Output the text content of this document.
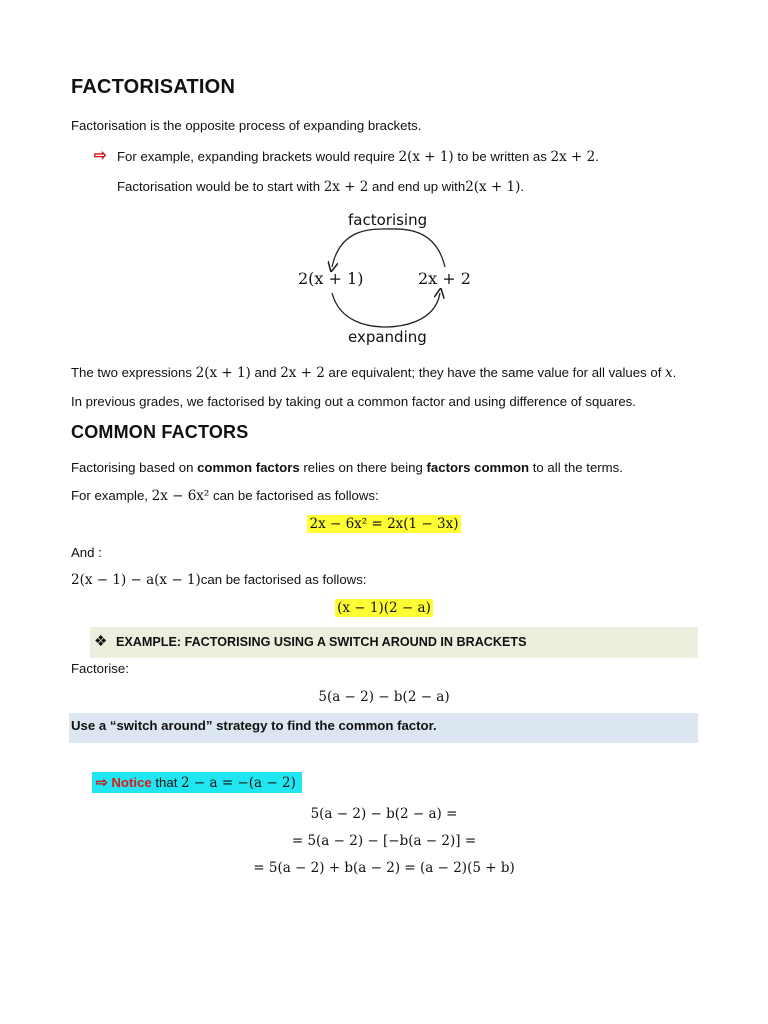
FACTORISATION
Factorisation is the opposite process of expanding brackets.
⇨ For example, expanding brackets would require 2(x + 1) to be written as 2x + 2.
Factorisation would be to start with 2x + 2 and end up with2(x + 1).
factorising
2(x + 1)	2x + 2
expanding
The two expressions 2(x + 1) and 2x + 2 are equivalent; they have the same value for all values of x.
In previous grades, we factorised by taking out a common factor and using difference of squares.
COMMON FACTORS
Factorising based on common factors relies on there being factors common to all the terms.
For example, 2x − 6x² can be factorised as follows:
2x − 6x² = 2x(1 − 3x)
And :
2(x − 1) − a(x − 1)can be factorised as follows:
(x − 1)(2 − a)
❖ EXAMPLE: FACTORISING USING A SWITCH AROUND IN BRACKETS
Factorise:
5(a − 2) − b(2 − a)
Use a “switch around” strategy to find the common factor.
⇨ Notice that 2 − a = −(a − 2)
5(a − 2) − b(2 − a) =
= 5(a − 2) − [−b(a − 2)] =
= 5(a − 2) + b(a − 2) = (a − 2)(5 + b)
